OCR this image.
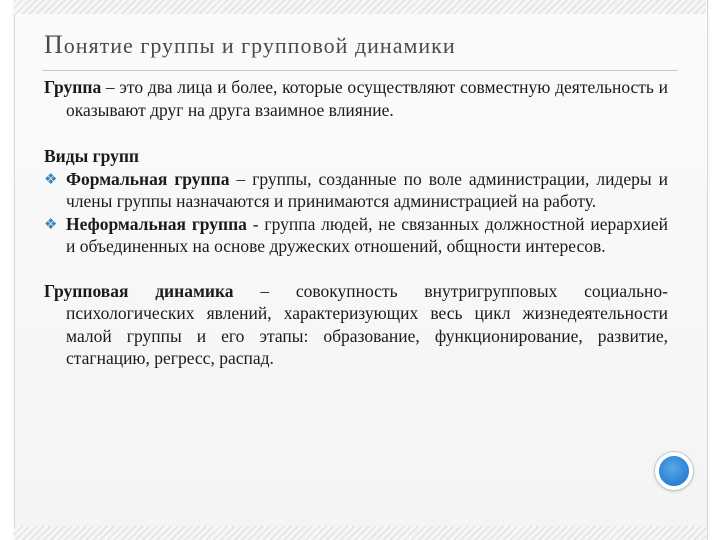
Понятие группы и групповой динамики

Группа – это два лица и более, которые осуществляют совместную деятельность и оказывают друг на друга взаимное влияние.

Виды групп

❖ Формальная группа – группы, созданные по воле администрации, лидеры и члены группы назначаются и принимаются администрацией на работу.

❖ Неформальная группа - группа людей, не связанных должностной иерархией и объединенных на основе дружеских отношений, общности интересов.

Групповая динамика – совокупность внутригрупповых социально-психологических явлений, характеризующих весь цикл жизнедеятельности малой группы и его этапы: образование, функционирование, развитие, стагнацию, регресс, распад.
